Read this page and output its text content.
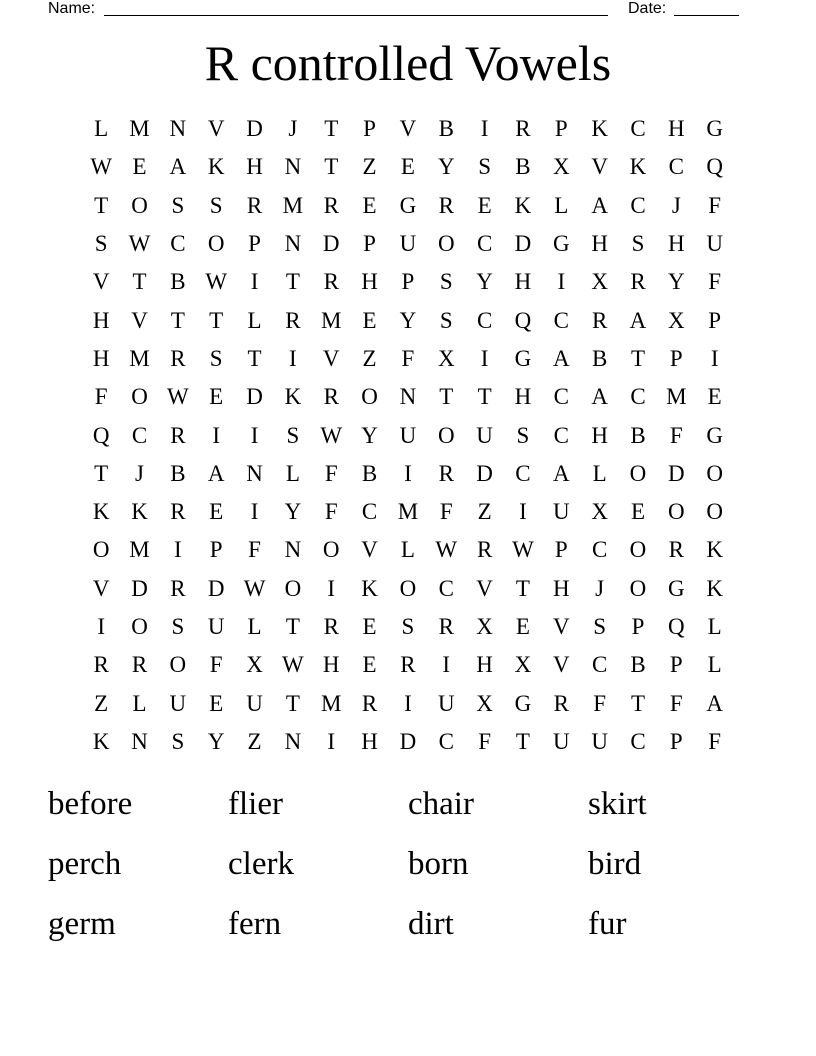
Name:	Date:
R controlled Vowels
L M N V D	J	T	P	V B	I	R	P	K C H G
W E	A K H N	T	Z	E	Y	S	B X V K C Q
T	O	S	S	R M R	E	G R	E	K	L	A C	J	F
S W C O	P	N D	P	U O C D G H	S	H U
V	T	B W	I	T	R H	P	S	Y H	I	X R Y	F
H V	T	T	L	R M E	Y	S	C Q C	R A X	P
H M R	S	T	I	V	Z	F	X	I	G A B	T	P	I
F	O W E	D K R O N	T	T	H C A C M E
Q C	R	I	I	S W Y U O U	S	C H B	F	G
T	J	B A N	L	F	B	I	R D C A	L	O D O
K K R	E	I	Y	F	C M F	Z	I	U X	E	O O
O M	I	P	F	N O V	L W R W P	C O R K
V D R D W O	I	K O C V	T	H	J	O G K
I	O	S	U	L	T	R	E	S	R X	E	V	S	P	Q	L
R	R O	F	X W H	E	R	I	H X V C	B	P	L
Z	L	U	E	U	T M R	I	U X G R	F	T	F	A
K N	S	Y	Z	N	I	H D C	F	T	U U C	P	F
before	flier	chair	skirt
perch	clerk	born	bird
germ	fern	dirt	fur
